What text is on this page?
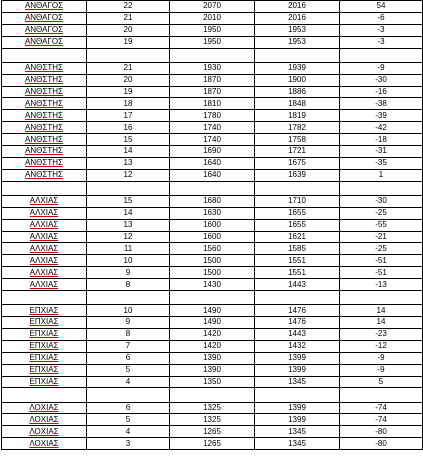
ΑΝΘΑΓΟΣ	22	2070	2016	54
ΑΝΘΑΓΟΣ	21	2010	2016	-6
ΑΝΘΑΓΟΣ	20	1950	1953	-3
ΑΝΘΑΓΟΣ	19	1950	1953	-3

ΑΝΘΣΤΗΣ	21	1930	1939	-9
ΑΝΘΣΤΗΣ	20	1870	1900	-30
ΑΝΘΣΤΗΣ	19	1870	1886	-16
ΑΝΘΣΤΗΣ	18	1810	1848	-38
ΑΝΘΣΤΗΣ	17	1780	1819	-39
ΑΝΘΣΤΗΣ	16	1740	1782	-42
ΑΝΘΣΤΗΣ	15	1740	1758	-18
ΑΝΘΣΤΗΣ	14	1690	1721	-31
ΑΝΘΣΤΗΣ	13	1640	1675	-35
ΑΝΘΣΤΗΣ	12	1640	1639	1

ΑΛΧΙΑΣ	15	1680	1710	-30
ΑΛΧΙΑΣ	14	1630	1655	-25
ΑΛΧΙΑΣ	13	1600	1655	-55
ΑΛΧΙΑΣ	12	1600	1621	-21
ΑΛΧΙΑΣ	11	1560	1585	-25
ΑΛΧΙΑΣ	10	1500	1551	-51
ΑΛΧΙΑΣ	9	1500	1551	-51
ΑΛΧΙΑΣ	8	1430	1443	-13

ΕΠΧΙΑΣ	10	1490	1476	14
ΕΠΧΙΑΣ	9	1490	1476	14
ΕΠΧΙΑΣ	8	1420	1443	-23
ΕΠΧΙΑΣ	7	1420	1432	-12
ΕΠΧΙΑΣ	6	1390	1399	-9
ΕΠΧΙΑΣ	5	1390	1399	-9
ΕΠΧΙΑΣ	4	1350	1345	5

ΛΟΧΙΑΣ	6	1325	1399	-74
ΛΟΧΙΑΣ	5	1325	1399	-74
ΛΟΧΙΑΣ	4	1265	1345	-80
ΛΟΧΙΑΣ	3	1265	1345	-80
